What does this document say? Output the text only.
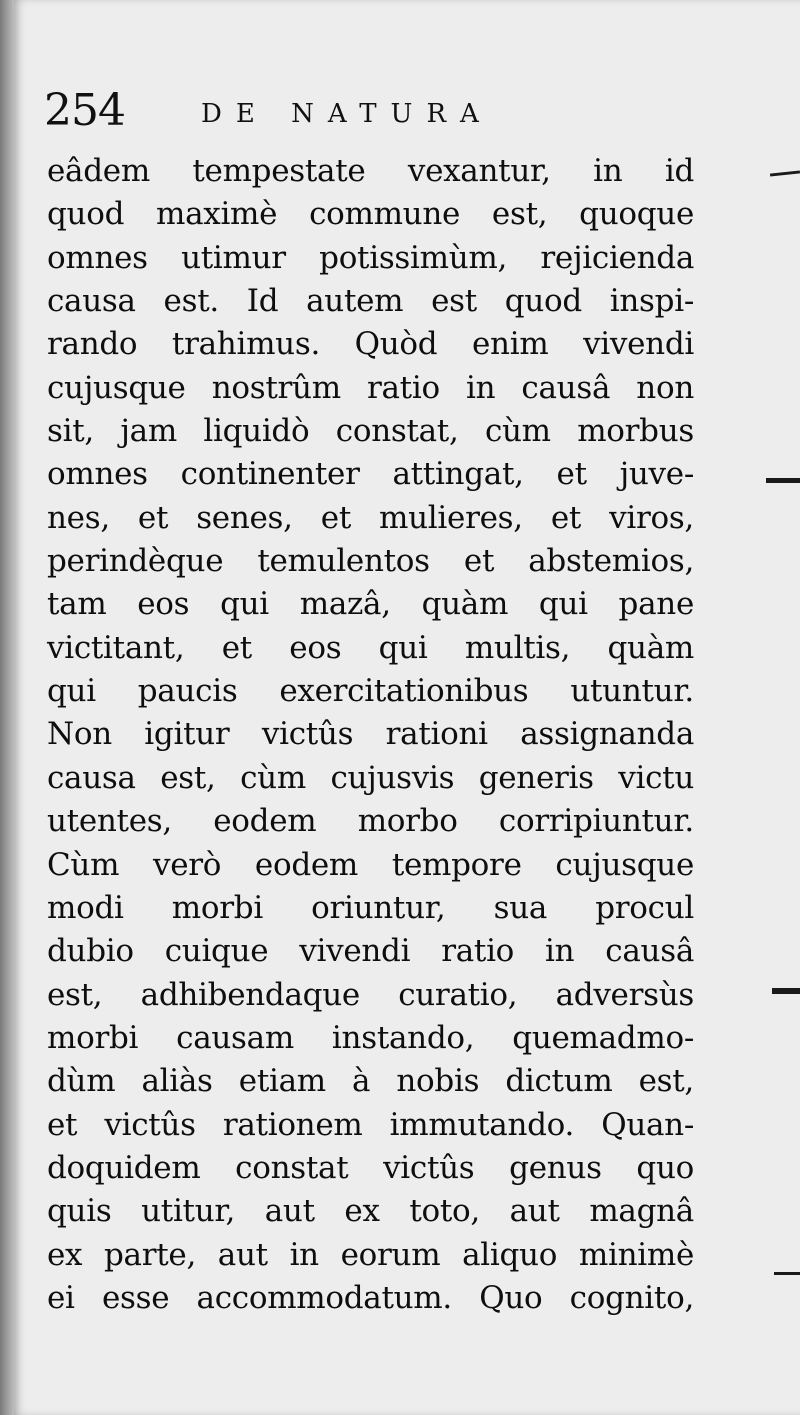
254	DE NATURA
eâdem tempestate vexantur, in id
quod maximè commune est, quoque
omnes utimur potissimùm, rejicienda
causa est. Id autem est quod inspi-
rando trahimus. Quòd enim vivendi
cujusque nostrûm ratio in causâ non
sit, jam liquidò constat, cùm morbus
omnes continenter attingat, et juve-
nes, et senes, et mulieres, et viros,
perindèque temulentos et abstemios,
tam eos qui mazâ, quàm qui pane
victitant, et eos qui multis, quàm
qui paucis exercitationibus utuntur.
Non igitur victûs rationi assignanda
causa est, cùm cujusvis generis victu
utentes, eodem morbo corripiuntur.
Cùm verò eodem tempore cujusque
modi morbi oriuntur, sua procul
dubio cuique vivendi ratio in causâ
est, adhibendaque curatio, adversùs
morbi causam instando, quemadmo-
dùm aliàs etiam à nobis dictum est,
et victûs rationem immutando. Quan-
doquidem constat victûs genus quo
quis utitur, aut ex toto, aut magnâ
ex parte, aut in eorum aliquo minimè
ei esse accommodatum. Quo cognito,
